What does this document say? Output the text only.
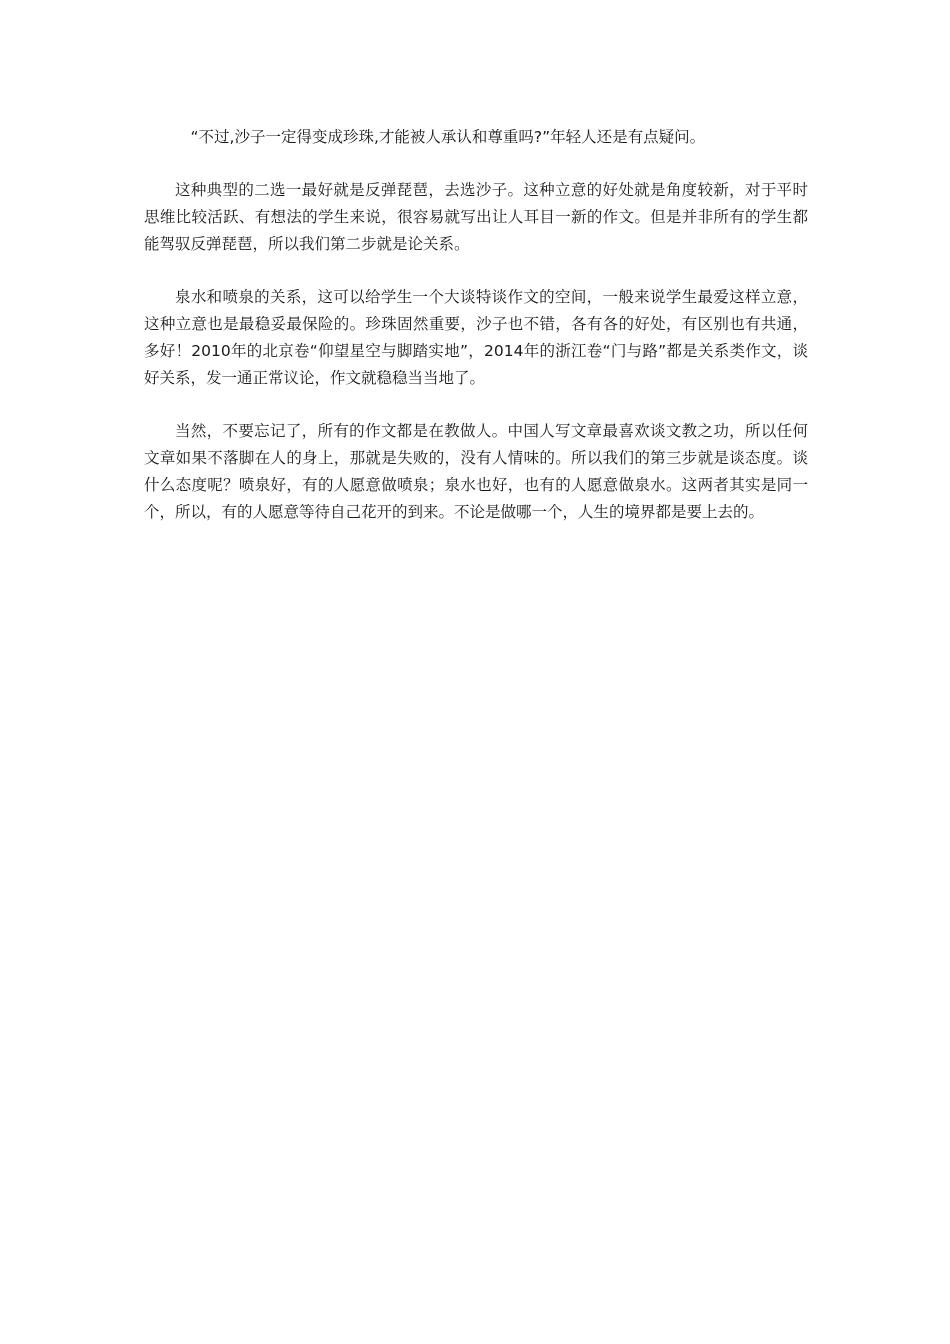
“不过,沙子一定得变成珍珠,才能被人承认和尊重吗?”年轻人还是有点疑问。

这种典型的二选一最好就是反弹琵琶，去选沙子。这种立意的好处就是角度较新，对于平时思维比较活跃、有想法的学生来说，很容易就写出让人耳目一新的作文。但是并非所有的学生都能驾驭反弹琵琶，所以我们第二步就是论关系。

泉水和喷泉的关系，这可以给学生一个大谈特谈作文的空间，一般来说学生最爱这样立意，这种立意也是最稳妥最保险的。珍珠固然重要，沙子也不错，各有各的好处，有区别也有共通，多好！2010年的北京卷“仰望星空与脚踏实地”，2014年的浙江卷“门与路”都是关系类作文，谈好关系，发一通正常议论，作文就稳稳当当地了。

当然，不要忘记了，所有的作文都是在教做人。中国人写文章最喜欢谈文教之功，所以任何文章如果不落脚在人的身上，那就是失败的，没有人情味的。所以我们的第三步就是谈态度。谈什么态度呢？喷泉好，有的人愿意做喷泉；泉水也好，也有的人愿意做泉水。这两者其实是同一个，所以，有的人愿意等待自己花开的到来。不论是做哪一个，人生的境界都是要上去的。
